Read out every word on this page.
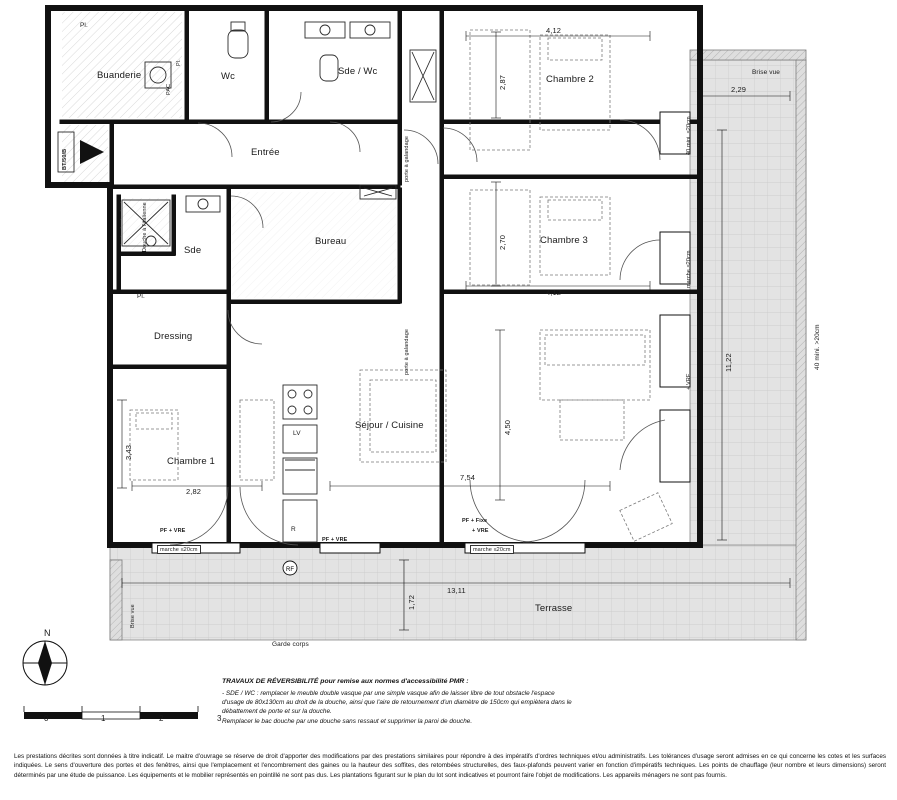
RF
Buanderie	Wc	Sde / Wc
Entrée
Sde
Bureau
Dressing
Chambre 1
Chambre 2
Chambre 3
Séjour / Cuisine
Terrasse
Pl.
Pl.
LV
R
Pl.
PAC
BT/50/B	porte à galandage
porte à galandage
Douche à l'italienne
Brise vue
40 mini. >20cm
Brise vue
Garde corps
marche ≤20cm	marche ≤20cm
PF + VRE
PF + Fixe
+ VRE
PF + VRE
40 mini. ≤20cm
marche ≤20cm
+ VRE
4,12
2,29
2,87
2,70
4,12
11,22
4,50
3,43
2,82
7,54
13,11
1,72
N
0	1	2	3
TRAVAUX DE RÉVERSIBILITÉ pour remise aux normes d'accessibilité PMR :
- SDE / WC : remplacer le meuble double vasque par une simple vasque afin de laisser libre de tout obstacle l'espace
d'usage de 80x130cm au droit de la douche, ainsi que l'aire de retournement d'un diamètre de 150cm qui empiètera dans le
débattement de porte et sur la douche.
Remplacer le bac douche par une douche sans ressaut et supprimer la paroi de douche.
Les prestations décrites sont données à titre indicatif. Le maitre d'ouvrage se réserve de droit d'apporter des modifications par des prestations similaires pour répondre à des impératifs d'ordres techniques et/ou administratifs. Les tolérances d'usage seront admises en ce qui concerne les cotes et les surfaces indiquées. Le sens d'ouverture des portes et des fenêtres, ainsi que l'emplacement et l'encombrement des gaines ou la hauteur des soffites, des retombées structurelles, des faux-plafonds peuvent varier en fonction d'impératifs techniques. Les points de chauffage (leur nombre et leurs dimensions) seront déterminés par une étude de puissance. Les équipements et le mobilier représentés en pointillé ne sont pas dus. Les plantations figurant sur le plan du lot sont indicatives et pourront faire l'objet de modifications. Les appareils ménagers ne sont pas fournis.
